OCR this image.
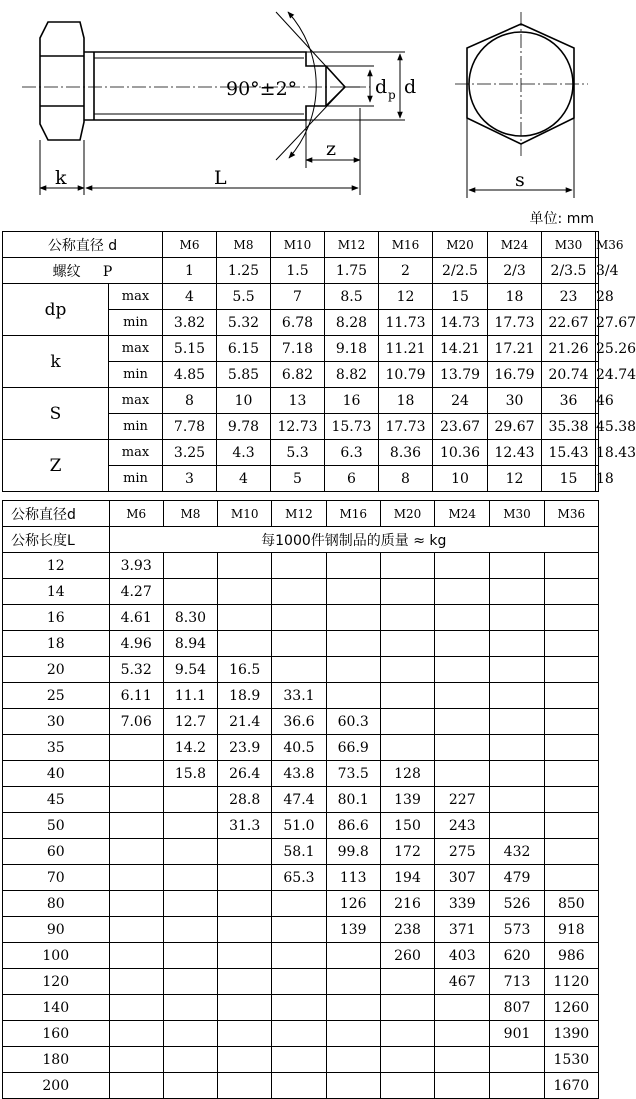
90°±2°	d p d
z
k	L	s
单位: mm
公称直径 d		M6	M8	M10	M12	M16	M20	M24	M30	M36
螺纹 P		1	1.25	1.5	1.75	2	2/2.5	2/3	2/3.5	3/4
dp	max	4	5.5	7	8.5	12	15	18	23	28
	min	3.82	5.32	6.78	8.28	11.73	14.73	17.73	22.67	27.67
k	max	5.15	6.15	7.18	9.18	11.21	14.21	17.21	21.26	25.26
	min	4.85	5.85	6.82	8.82	10.79	13.79	16.79	20.74	24.74
S	max	8	10	13	16	18	24	30	36	46
	min	7.78	9.78	12.73	15.73	17.73	23.67	29.67	35.38	45.38
Z	max	3.25	4.3	5.3	6.3	8.36	10.36	12.43	15.43	18.43
	min	3	4	5	6	8	10	12	15	18
公称直径d	M6	M8	M10	M12	M16	M20	M24	M30	M36
公称长度L	每1000件钢制品的质量 ≈ kg								
12	3.93								
14	4.27								
16	4.61	8.30							
18	4.96	8.94							
20	5.32	9.54	16.5						
25	6.11	11.1	18.9	33.1					
30	7.06	12.7	21.4	36.6	60.3				
35		14.2	23.9	40.5	66.9				
40		15.8	26.4	43.8	73.5	128			
45			28.8	47.4	80.1	139	227		
50			31.3	51.0	86.6	150	243		
60				58.1	99.8	172	275	432	
70				65.3	113	194	307	479	
80					126	216	339	526	850
90					139	238	371	573	918
100						260	403	620	986
120							467	713	1120
140								807	1260
160								901	1390
180									1530
200									1670
